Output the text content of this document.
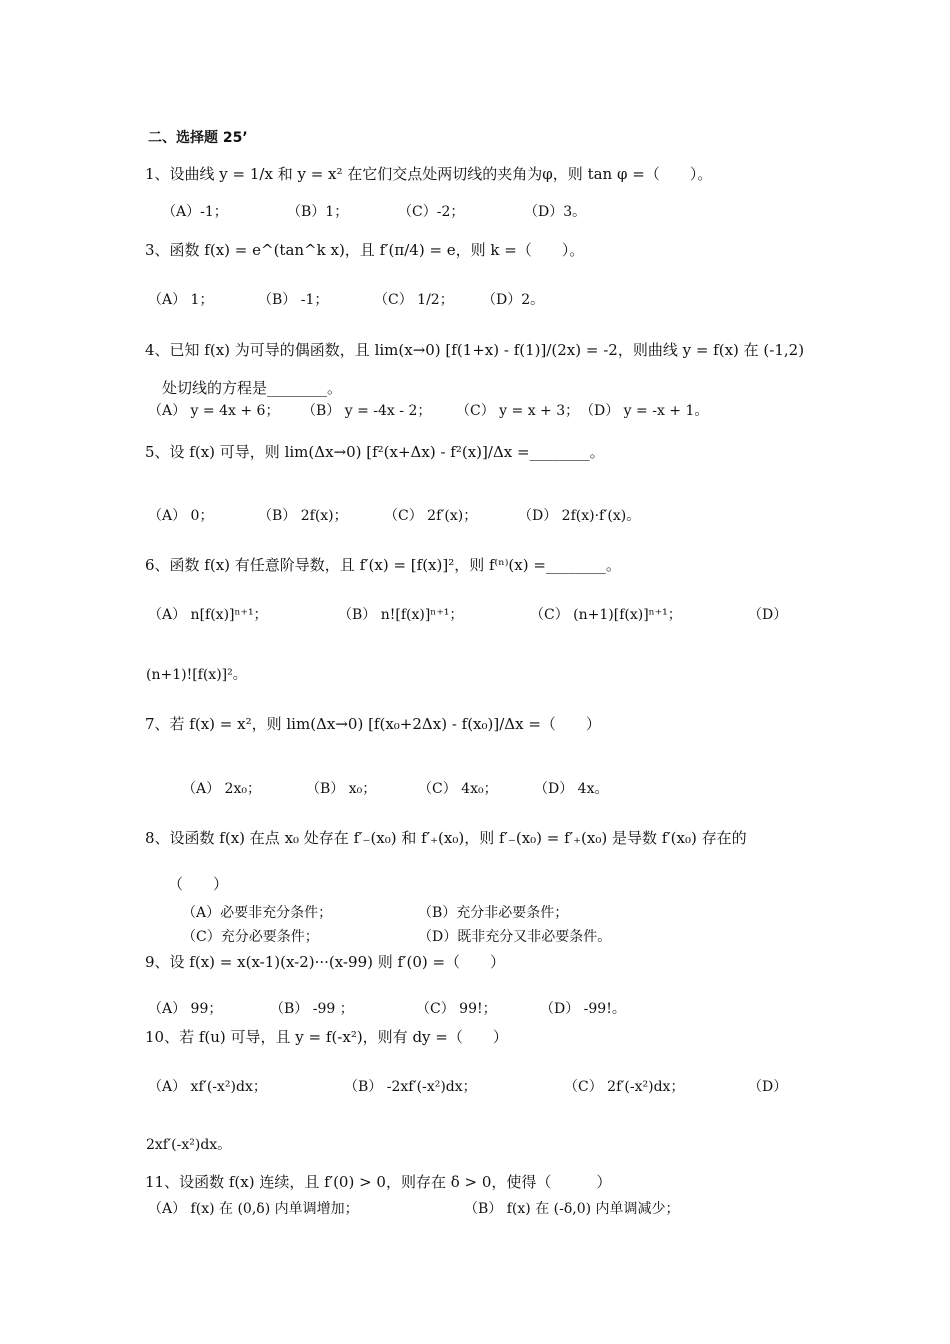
二、选择题 25’
1、设曲线 y = 1/x 和 y = x² 在它们交点处两切线的夹角为φ，则 tan φ =（　　）。
（A）-1；	（B）1；	（C）-2；	（D）3。
3、函数 f(x) = e^(tan^k x)，且 f′(π/4) = e，则 k =（　　）。
（A） 1；	（B） -1；	（C） 1/2； （D）2。
4、已知 f(x) 为可导的偶函数，且 lim(x→0) [f(1+x) - f(1)]/(2x) = -2，则曲线 y = f(x) 在 (-1,2)
处切线的方程是________。
（A） y = 4x + 6； （B） y = -4x - 2； （C） y = x + 3； （D） y = -x + 1。
5、设 f(x) 可导，则 lim(Δx→0) [f²(x+Δx) - f²(x)]/Δx =________。
（A） 0；	（B） 2f(x)；	（C） 2f′(x)；	（D） 2f(x)·f′(x)。
6、函数 f(x) 有任意阶导数，且 f′(x) = [f(x)]²，则 f⁽ⁿ⁾(x) =________。
（A） n[f(x)]ⁿ⁺¹；	（B） n![f(x)]ⁿ⁺¹；	（C） (n+1)[f(x)]ⁿ⁺¹；	（D）
(n+1)![f(x)]²。
7、若 f(x) = x²，则 lim(Δx→0) [f(x₀+2Δx) - f(x₀)]/Δx =（　　）
（A） 2x₀；	（B） x₀；	（C） 4x₀；	（D） 4x。
8、设函数 f(x) 在点 x₀ 处存在 f′₋(x₀) 和 f′₊(x₀)，则 f′₋(x₀) = f′₊(x₀) 是导数 f′(x₀) 存在的
（　　）
（A）必要非充分条件；	（B）充分非必要条件；
（C）充分必要条件；	（D）既非充分又非必要条件。
9、设 f(x) = x(x-1)(x-2)···(x-99) 则 f′(0) =（　　）
（A） 99；	（B） -99 ；	（C） 99!；	（D） -99!。
10、若 f(u) 可导，且 y = f(-x²)，则有 dy =（　　）
（A） xf′(-x²)dx；	（B） -2xf′(-x²)dx；	（C） 2f′(-x²)dx；	（D）
2xf′(-x²)dx。
11、设函数 f(x) 连续，且 f′(0) > 0，则存在 δ > 0，使得（　　　）
（A） f(x) 在 (0,δ) 内单调增加；	（B） f(x) 在 (-δ,0) 内单调减少；
